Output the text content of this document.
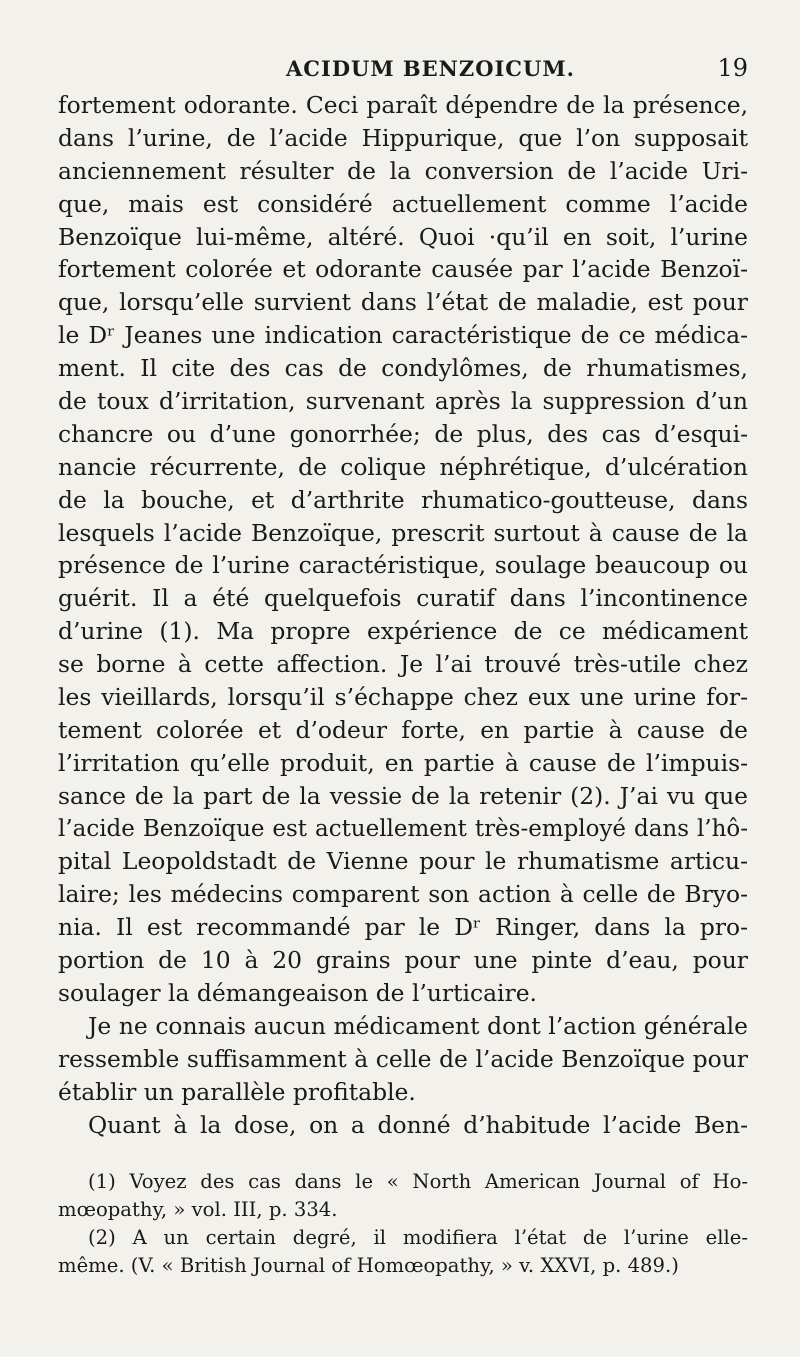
ACIDUM BENZOICUM.	19
fortement odorante. Ceci paraît dépendre de la présence,
dans l’urine, de l’acide Hippurique, que l’on supposait
anciennement résulter de la conversion de l’acide Uri-
que, mais est considéré actuellement comme l’acide
Benzoïque lui-même, altéré. Quoi ·qu’il en soit, l’urine
fortement colorée et odorante causée par l’acide Benzoï-
que, lorsqu’elle survient dans l’état de maladie, est pour
le Dʳ Jeanes une indication caractéristique de ce médica-
ment. Il cite des cas de condylômes, de rhumatismes,
de toux d’irritation, survenant après la suppression d’un
chancre ou d’une gonorrhée; de plus, des cas d’esqui-
nancie récurrente, de colique néphrétique, d’ulcération
de la bouche, et d’arthrite rhumatico-goutteuse, dans
lesquels l’acide Benzoïque, prescrit surtout à cause de la
présence de l’urine caractéristique, soulage beaucoup ou
guérit. Il a été quelquefois curatif dans l’incontinence
d’urine (1). Ma propre expérience de ce médicament
se borne à cette affection. Je l’ai trouvé très-utile chez
les vieillards, lorsqu’il s’échappe chez eux une urine for-
tement colorée et d’odeur forte, en partie à cause de
l’irritation qu’elle produit, en partie à cause de l’impuis-
sance de la part de la vessie de la retenir (2). J’ai vu que
l’acide Benzoïque est actuellement très-employé dans l’hô-
pital Leopoldstadt de Vienne pour le rhumatisme articu-
laire; les médecins comparent son action à celle de Bryo-
nia. Il est recommandé par le Dʳ Ringer, dans la pro-
portion de 10 à 20 grains pour une pinte d’eau, pour
soulager la démangeaison de l’urticaire.
Je ne connais aucun médicament dont l’action générale
ressemble suffisamment à celle de l’acide Benzoïque pour
établir un parallèle profitable.
Quant à la dose, on a donné d’habitude l’acide Ben-
(1) Voyez des cas dans le « North American Journal of Ho-
mœopathy, » vol. III, p. 334.
(2) A un certain degré, il modifiera l’état de l’urine elle-
même. (V. « British Journal of Homœopathy, » v. XXVI, p. 489.)
